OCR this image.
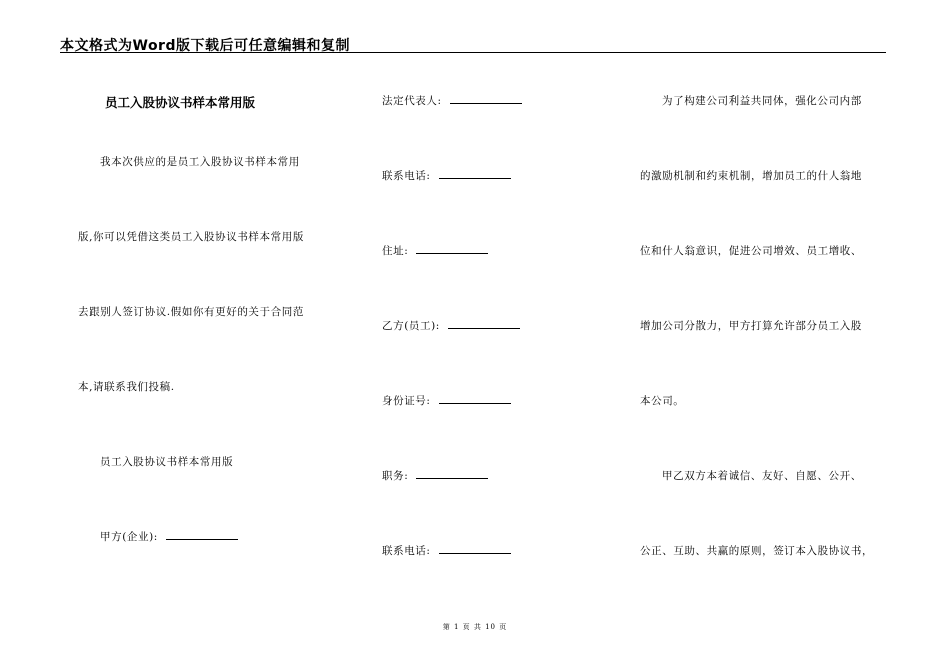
本文格式为Word版下载后可任意编辑和复制
员工入股协议书样本常用版
我本次供应的是员工入股协议书样本常用
版,你可以凭借这类员工入股协议书样本常用版
去跟别人签订协议.假如你有更好的关于合同范
本,请联系我们投稿.
员工入股协议书样本常用版
甲方(企业):
法定代表人:
联系电话:
住址:
乙方(员工):
身份证号:
职务:
联系电话:
为了构建公司利益共同体，强化公司内部
的激励机制和约束机制，增加员工的什人翁地
位和什人翁意识，促进公司增效、员工增收、
增加公司分散力，甲方打算允许部分员工入股
本公司。
甲乙双方本着诚信、友好、自愿、公开、
公正、互助、共赢的原则，签订本入股协议书，
第 1 页 共 10 页
